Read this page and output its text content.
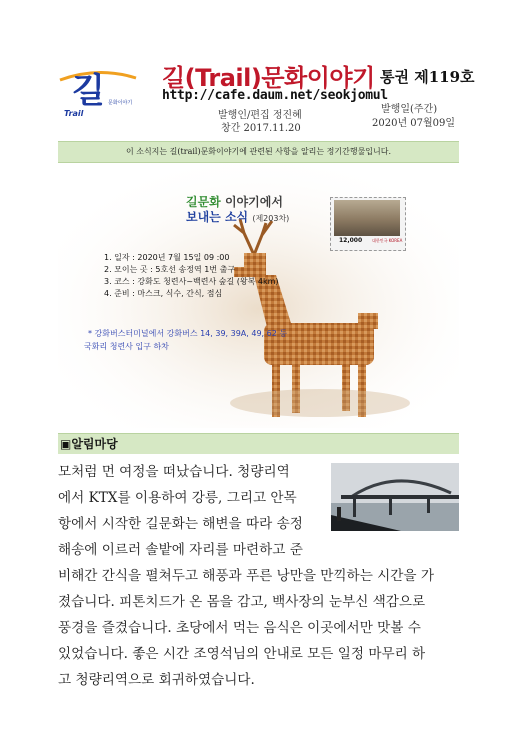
길
Trail
문화이야기
길(Trail)문화이야기 통권 제119호
http://cafe.daum.net/seokjomul
발행인/편집 정진혜
창간 2017.11.20
발행일(주간)
2020년 07월09일
이 소식지는 길(trail)문화이야기에 관련된 사항을 알리는 정기간행물입니다.
길문화 이야기에서
보내는 소식 (제203차)
12,000 대한민국 KOREA
1. 일자 : 2020년 7월 15일 09 :00
2. 모이는 곳 : 5호선 송정역 1번 출구
3. 코스 : 강화도 청련사~백련사 숲길 (왕복 4km)
4. 준비 : 마스크, 식수, 간식, 점심
* 강화버스터미널에서 강화버스 14, 39, 39A, 49, 62 등
국화리 청련사 입구 하차
▣알림마당
모처럼 먼 여정을 떠났습니다. 청량리역
에서 KTX를 이용하여 강릉, 그리고 안목
항에서 시작한 길문화는 해변을 따라 송정
해송에 이르러 솔밭에 자리를 마련하고 준
비해간 간식을 펼쳐두고 해풍과 푸른 낭만을 만끽하는 시간을 가
졌습니다. 피톤치드가 온 몸을 감고, 백사장의 눈부신 색감으로
풍경을 즐겼습니다. 초당에서 먹는 음식은 이곳에서만 맛볼 수
있었습니다. 좋은 시간 조영석님의 안내로 모든 일정 마무리 하
고 청량리역으로 회귀하였습니다.
